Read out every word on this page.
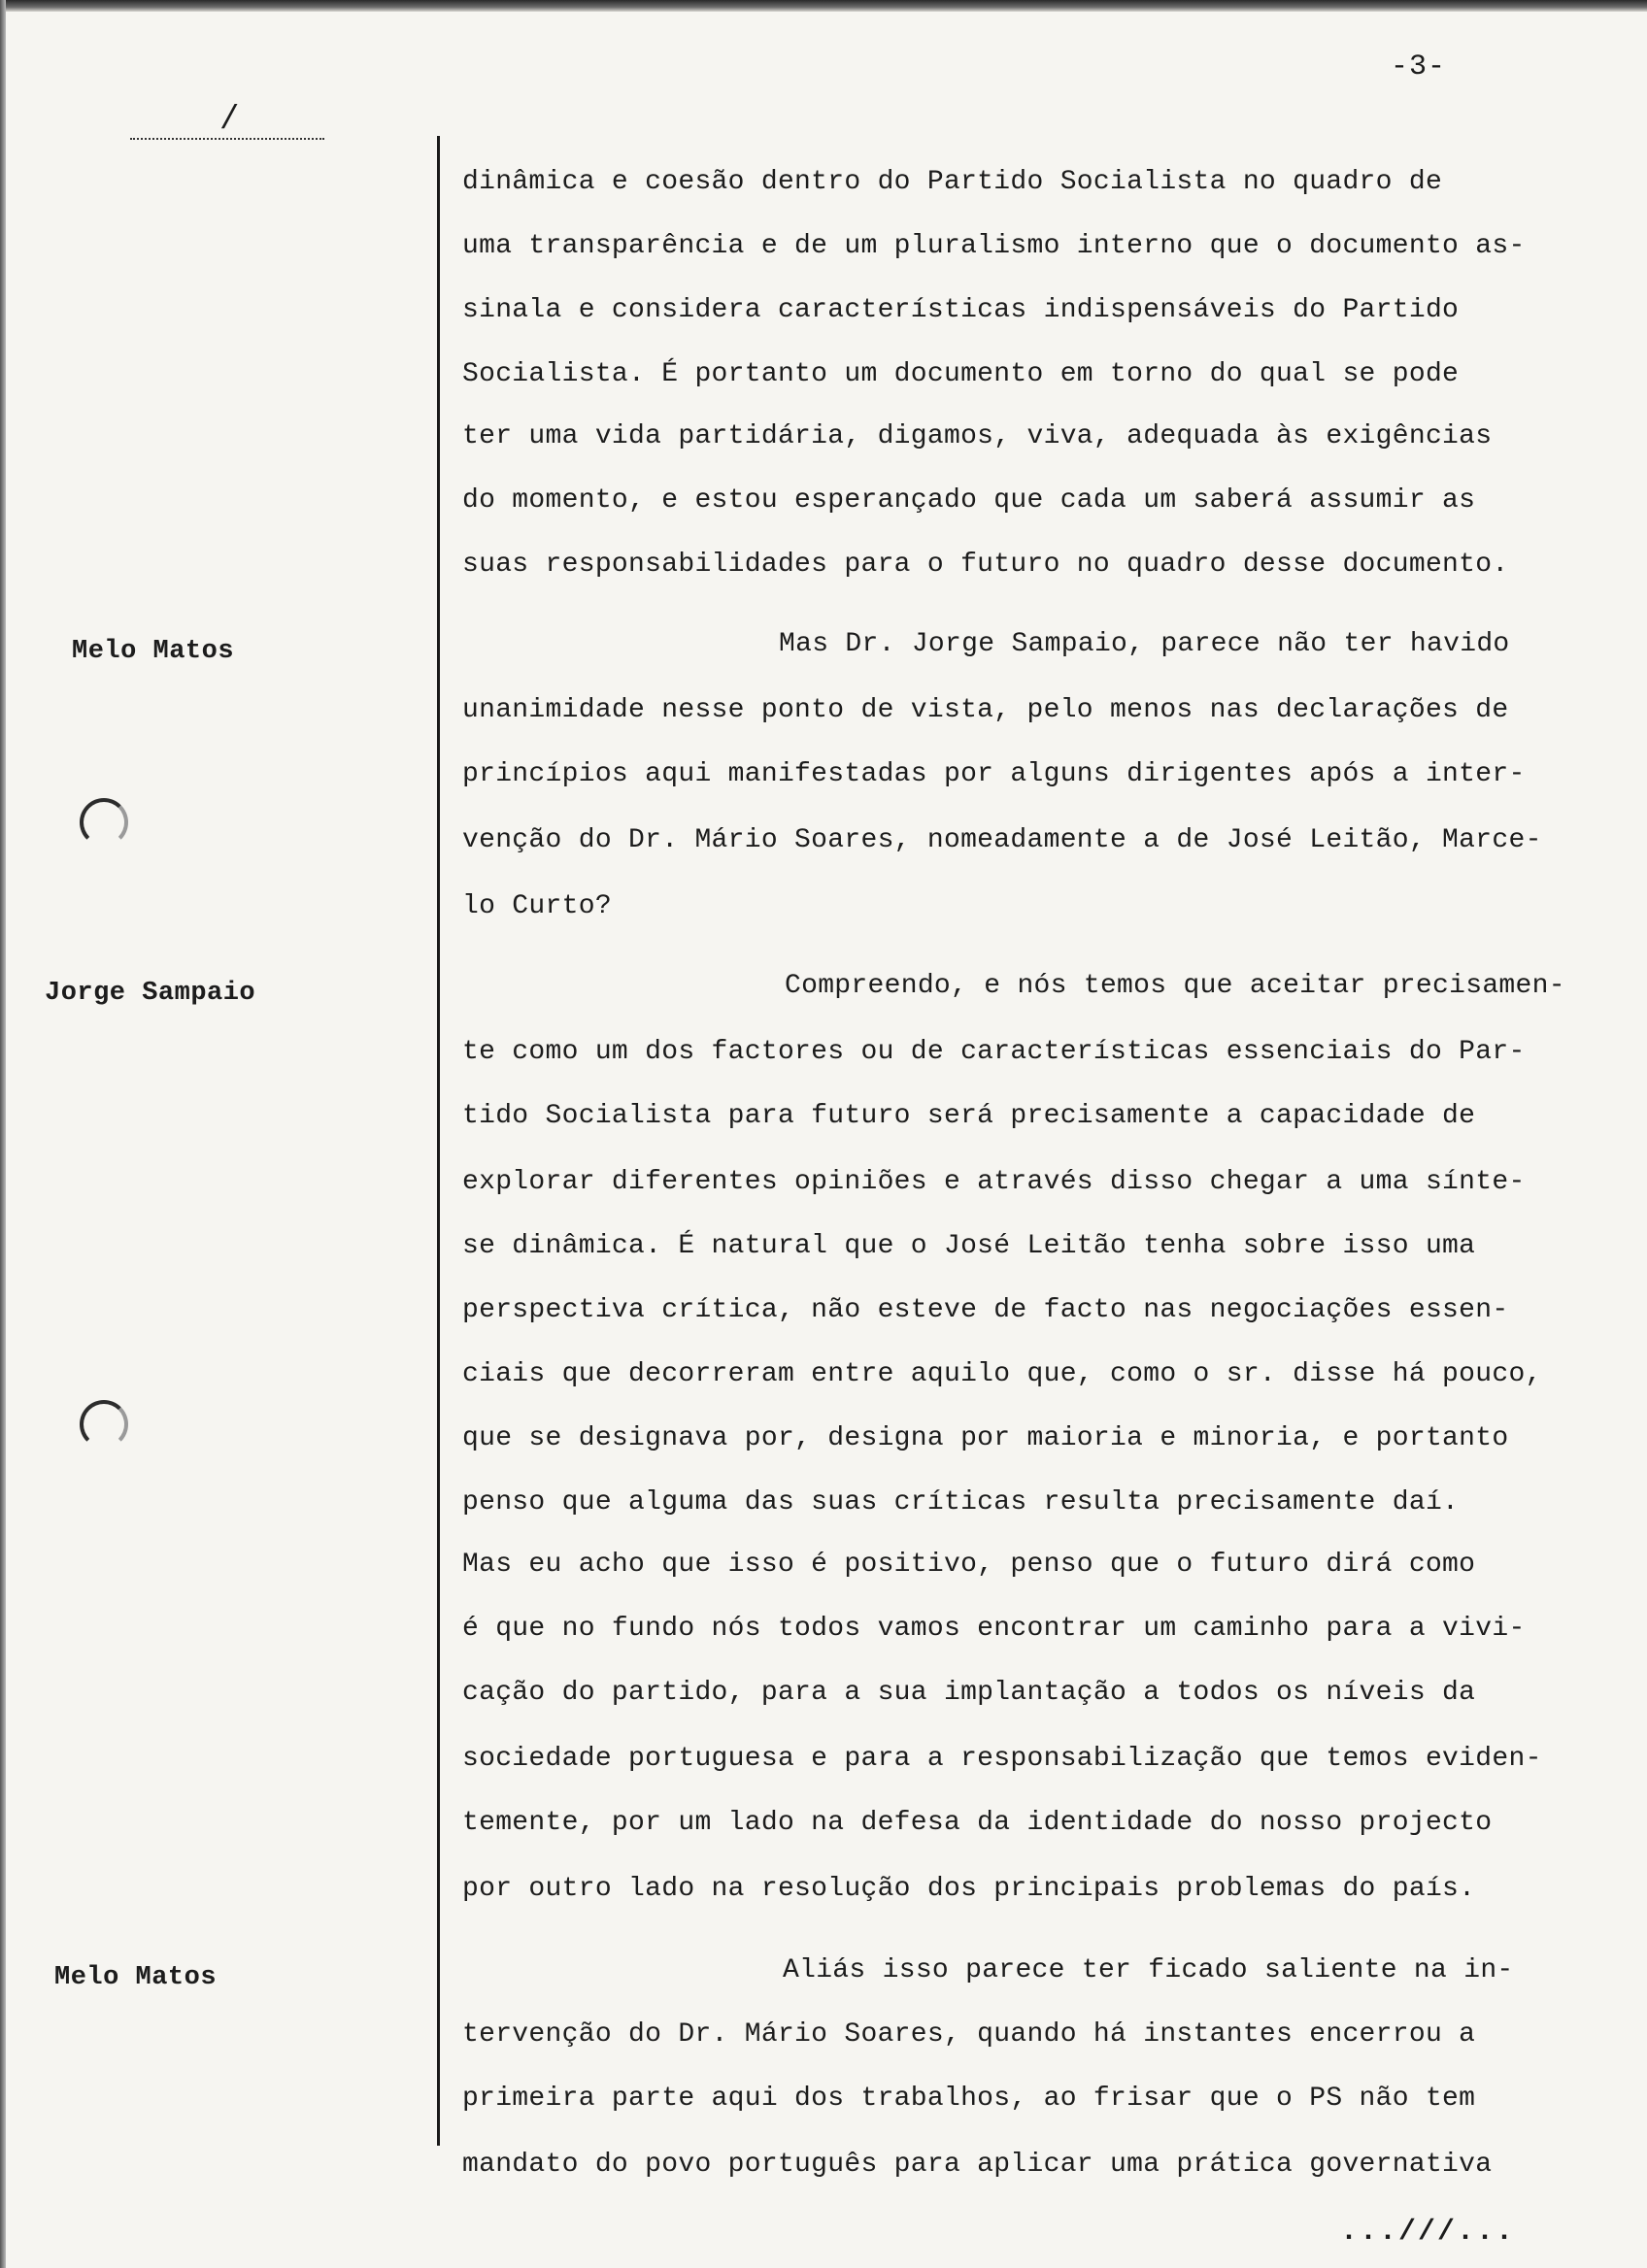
-3-
/
Melo Matos
Jorge Sampaio
Melo Matos
dinâmica e coesão dentro do Partido Socialista no quadro de
uma transparência e de um pluralismo interno que o documento as-
sinala e considera características indispensáveis do Partido
Socialista. É portanto um documento em torno do qual se pode
ter uma vida partidária, digamos, viva, adequada às exigências
do momento, e estou esperançado que cada um saberá assumir as
suas responsabilidades para o futuro no quadro desse documento.
Mas Dr. Jorge Sampaio, parece não ter havido
unanimidade nesse ponto de vista, pelo menos nas declarações de
princípios aqui manifestadas por alguns dirigentes após a inter-
venção do Dr. Mário Soares, nomeadamente a de José Leitão, Marce-
lo Curto?
Compreendo, e nós temos que aceitar precisamen-
te como um dos factores ou de características essenciais do Par-
tido Socialista para futuro será precisamente a capacidade de
explorar diferentes opiniões e através disso chegar a uma sínte-
se dinâmica. É natural que o José Leitão tenha sobre isso uma
perspectiva crítica, não esteve de facto nas negociações essen-
ciais que decorreram entre aquilo que, como o sr. disse há pouco,
que se designava por, designa por maioria e minoria, e portanto
penso que alguma das suas críticas resulta precisamente daí.
Mas eu acho que isso é positivo, penso que o futuro dirá como
é que no fundo nós todos vamos encontrar um caminho para a vivi-
cação do partido, para a sua implantação a todos os níveis da
sociedade portuguesa e para a responsabilização que temos eviden-
temente, por um lado na defesa da identidade do nosso projecto
por outro lado na resolução dos principais problemas do país.
Aliás isso parece ter ficado saliente na in-
tervenção do Dr. Mário Soares, quando há instantes encerrou a
primeira parte aqui dos trabalhos, ao frisar que o PS não tem
mandato do povo português para aplicar uma prática governativa
...///...
